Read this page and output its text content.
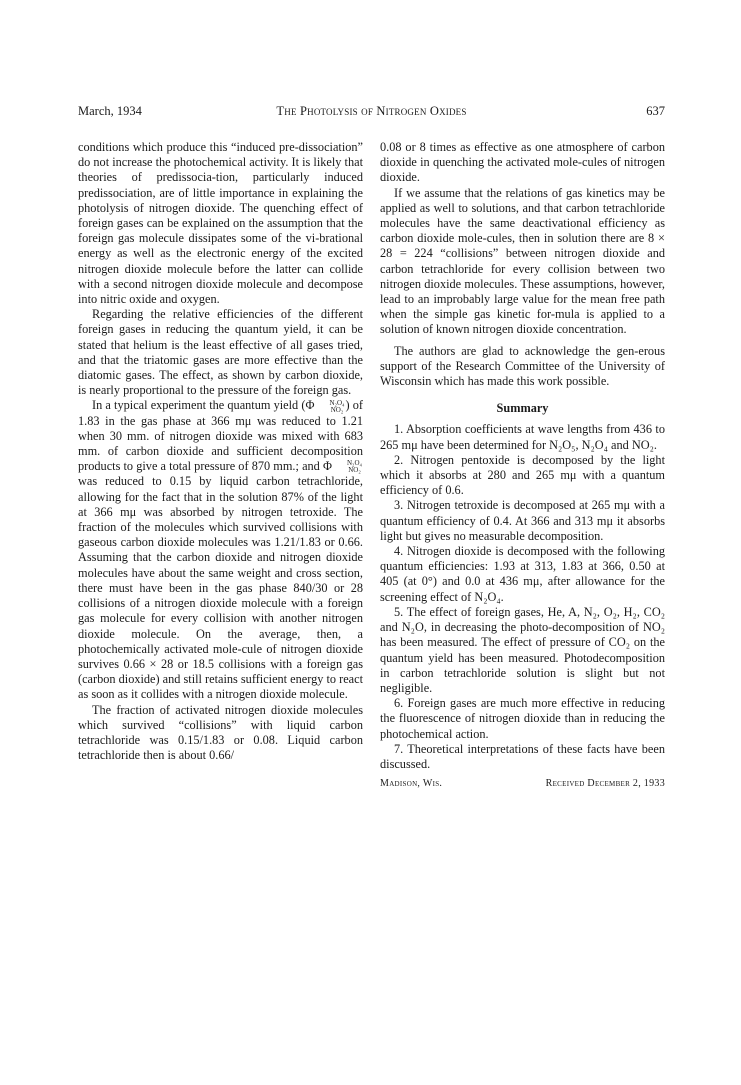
March, 1934	The Photolysis of Nitrogen Oxides	637

conditions which produce this “induced pre-dissociation” do not increase the photochemical activity. It is likely that theories of predissocia-tion, particularly induced predissociation, are of little importance in explaining the photolysis of nitrogen dioxide. The quenching effect of foreign gases can be explained on the assumption that the foreign gas molecule dissipates some of the vi-brational energy as well as the electronic energy of the excited nitrogen dioxide molecule before the latter can collide with a second nitrogen dioxide molecule and decompose into nitric oxide and oxygen.

Regarding the relative efficiencies of the different foreign gases in reducing the quantum yield, it can be stated that helium is the least effective of all gases tried, and that the triatomic gases are more effective than the diatomic gases. The effect, as shown by carbon dioxide, is nearly proportional to the pressure of the foreign gas.

In a typical experiment the quantum yield (Φ	N₂O₄
NO₂ ) of 1.83 in the gas phase at 366 mμ was reduced to 1.21 when 30 mm. of nitrogen dioxide was mixed with 683 mm. of carbon dioxide and sufficient decomposition products to give a total pressure of 870 mm.; and Φ	N₂O₄
NO₂
was reduced to 0.15 by liquid carbon tetrachloride, allowing for the fact that in the solution 87% of the light at 366 mμ was absorbed by nitrogen tetroxide. The fraction of the molecules which survived collisions with gaseous carbon dioxide molecules was 1.21/1.83 or 0.66. Assuming that the carbon dioxide and nitrogen dioxide molecules have about the same weight and cross section, there must have been in the gas phase 840/30 or 28 collisions of a nitrogen dioxide molecule with a foreign gas molecule for every collision with another nitrogen dioxide molecule. On the average, then, a photochemically activated mole-cule of nitrogen dioxide survives 0.66 × 28 or 18.5 collisions with a foreign gas (carbon dioxide) and still retains sufficient energy to react as soon as it collides with a nitrogen dioxide molecule.

The fraction of activated nitrogen dioxide molecules which survived “collisions” with liquid carbon tetrachloride was 0.15/1.83 or 0.08. Liquid carbon tetrachloride then is about 0.66/

0.08 or 8 times as effective as one atmosphere of carbon dioxide in quenching the activated mole-cules of nitrogen dioxide.

If we assume that the relations of gas kinetics may be applied as well to solutions, and that carbon tetrachloride molecules have the same deactivational efficiency as carbon dioxide mole-cules, then in solution there are 8 × 28 = 224 “collisions” between nitrogen dioxide and carbon tetrachloride for every collision between two nitrogen dioxide molecules. These assumptions, however, lead to an improbably large value for the mean free path when the simple gas kinetic for-mula is applied to a solution of known nitrogen dioxide concentration.

The authors are glad to acknowledge the gen-erous support of the Research Committee of the University of Wisconsin which has made this work possible.

Summary

1. Absorption coefficients at wave lengths from 436 to 265 mμ have been determined for N₂O₅, N₂O₄ and NO₂.

2. Nitrogen pentoxide is decomposed by the light which it absorbs at 280 and 265 mμ with a quantum efficiency of 0.6.

3. Nitrogen tetroxide is decomposed at 265 mμ with a quantum efficiency of 0.4. At 366 and 313 mμ it absorbs light but gives no measurable decomposition.

4. Nitrogen dioxide is decomposed with the following quantum efficiencies: 1.93 at 313, 1.83 at 366, 0.50 at 405 (at 0°) and 0.0 at 436 mμ, after allowance for the screening effect of N₂O₄.

5. The effect of foreign gases, He, A, N₂, O₂, H₂, CO₂ and N₂O, in decreasing the photo-decomposition of NO₂ has been measured. The effect of pressure of CO₂ on the quantum yield has been measured. Photodecomposition in carbon tetrachloride solution is slight but not negligible.

6. Foreign gases are much more effective in reducing the fluorescence of nitrogen dioxide than in reducing the photochemical action.

7. Theoretical interpretations of these facts have been discussed.

Madison, Wis.	Received December 2, 1933
